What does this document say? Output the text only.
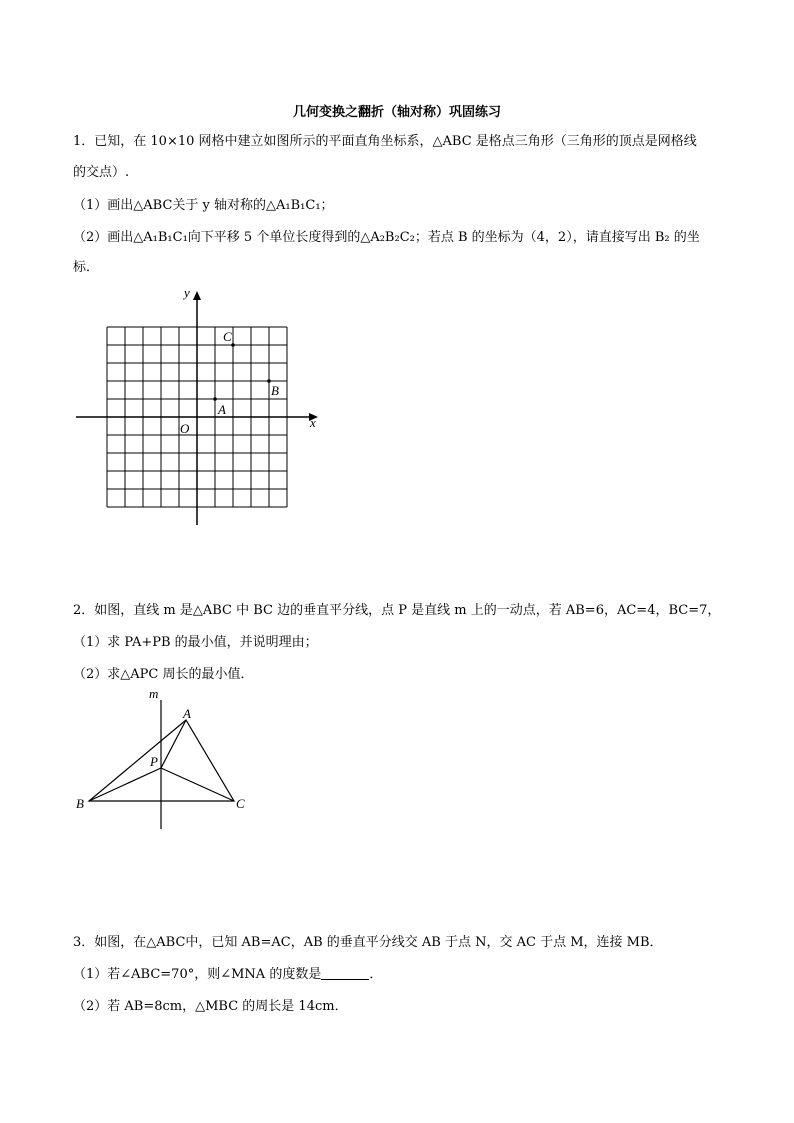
几何变换之翻折（轴对称）巩固练习
1．已知，在 10×10 网格中建立如图所示的平面直角坐标系，△ABC 是格点三角形（三角形的顶点是网格线
的交点）.
（1）画出△ABC关于 y 轴对称的△A₁B₁C₁；
（2）画出△A₁B₁C₁向下平移 5 个单位长度得到的△A₂B₂C₂；若点 B 的坐标为（4，2），请直接写出 B₂ 的坐
标．
x
y
O
C
B
A
2．如图，直线 m 是△ABC 中 BC 边的垂直平分线，点 P 是直线 m 上的一动点，若 AB=6，AC=4，BC=7，
（1）求 PA+PB 的最小值，并说明理由；
（2）求△APC 周长的最小值．
m
A
P
B	C
3．如图，在△ABC中，已知 AB=AC，AB 的垂直平分线交 AB 于点 N，交 AC 于点 M，连接 MB．
（1）若∠ABC=70°，则∠MNA 的度数是	．
（2）若 AB=8cm，△MBC 的周长是 14cm．
